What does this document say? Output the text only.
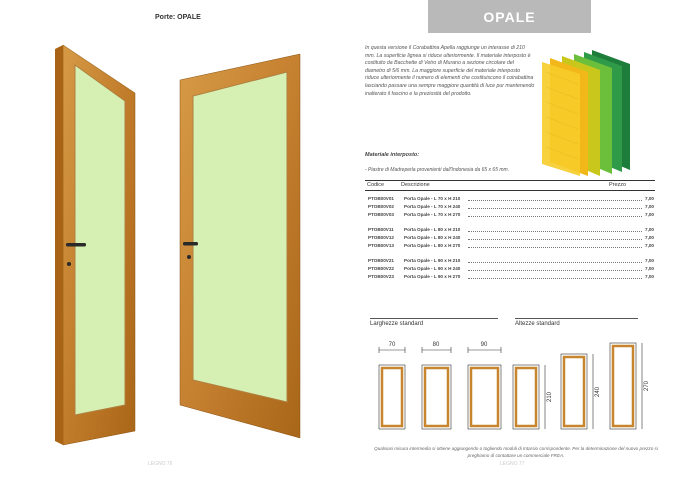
Porte: OPALE
LEGNO 76
OPALE
In questa versione il Corabattina Apella raggiunge un interasse di 210 mm. La superficie lignea si riduce ulteriormente. Il materiale interposto è costituito da Bacchette di Vetro di Murano a sezione circolare del diametro di 5/6 mm. La maggiore superficie del materiale interposto riduce ulteriormente il numero di elementi che costituiscono il coirabattina lasciando passare una sempre maggiore quantità di luce pur mantenendo inalterato il fascino e la preziosità del prodotto.
Materiale interposto:
- Piastre di Madreperla provenienti dall'Indonesia da 65 x 65 mm.
Codice	Descrizione	Prezzo
PTOB00V01 Porta Opale - L 70 x H 210	7,00
PTOB00V02 Porta Opale - L 70 x H 240	7,00
PTOB00V03 Porta Opale - L 70 x H 270	7,00
PTOB00V11 Porta Opale - L 80 x H 210	7,00
PTOB00V12 Porta Opale - L 80 x H 240	7,00
PTOB00V13 Porta Opale - L 80 x H 270	7,00
PTOB00V21 Porta Opale - L 90 x H 210	7,00
PTOB00V22 Porta Opale - L 90 x H 240	7,00
PTOB00V23 Porta Opale - L 90 x H 270	7,00
Larghezze standard	Altezze standard
70	80	90
210	240
270
Qualsiasi misura intermedia si ottiene aggiungendo o togliendo moduli di Intarsio corrispondente. Per la determinazione del nuovo prezzo si preghiamo di contattare un commerciale FREA.
LEGNO 77
